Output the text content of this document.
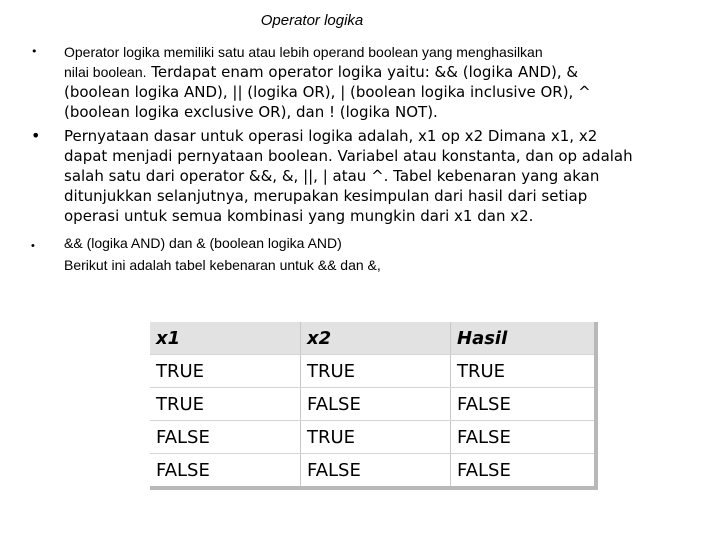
Operator logika
• Operator logika memiliki satu atau lebih operand boolean yang menghasilkan
nilai boolean. Terdapat enam operator logika yaitu: && (logika AND), & (boolean logika AND), || (logika OR), | (boolean logika inclusive OR), ^ (boolean logika exclusive OR), dan ! (logika NOT).
• Pernyataan dasar untuk operasi logika adalah, x1 op x2 Dimana x1, x2 dapat menjadi pernyataan boolean. Variabel atau konstanta, dan op adalah salah satu dari operator &&, &, ||, | atau ^. Tabel kebenaran yang akan ditunjukkan selanjutnya, merupakan kesimpulan dari hasil dari setiap operasi untuk semua kombinasi yang mungkin dari x1 dan x2.
• && (logika AND) dan & (boolean logika AND)
Berikut ini adalah tabel kebenaran untuk && dan &,
x1	x2	Hasil
TRUE	TRUE	TRUE
TRUE	FALSE	FALSE
FALSE	TRUE	FALSE
FALSE	FALSE	FALSE
